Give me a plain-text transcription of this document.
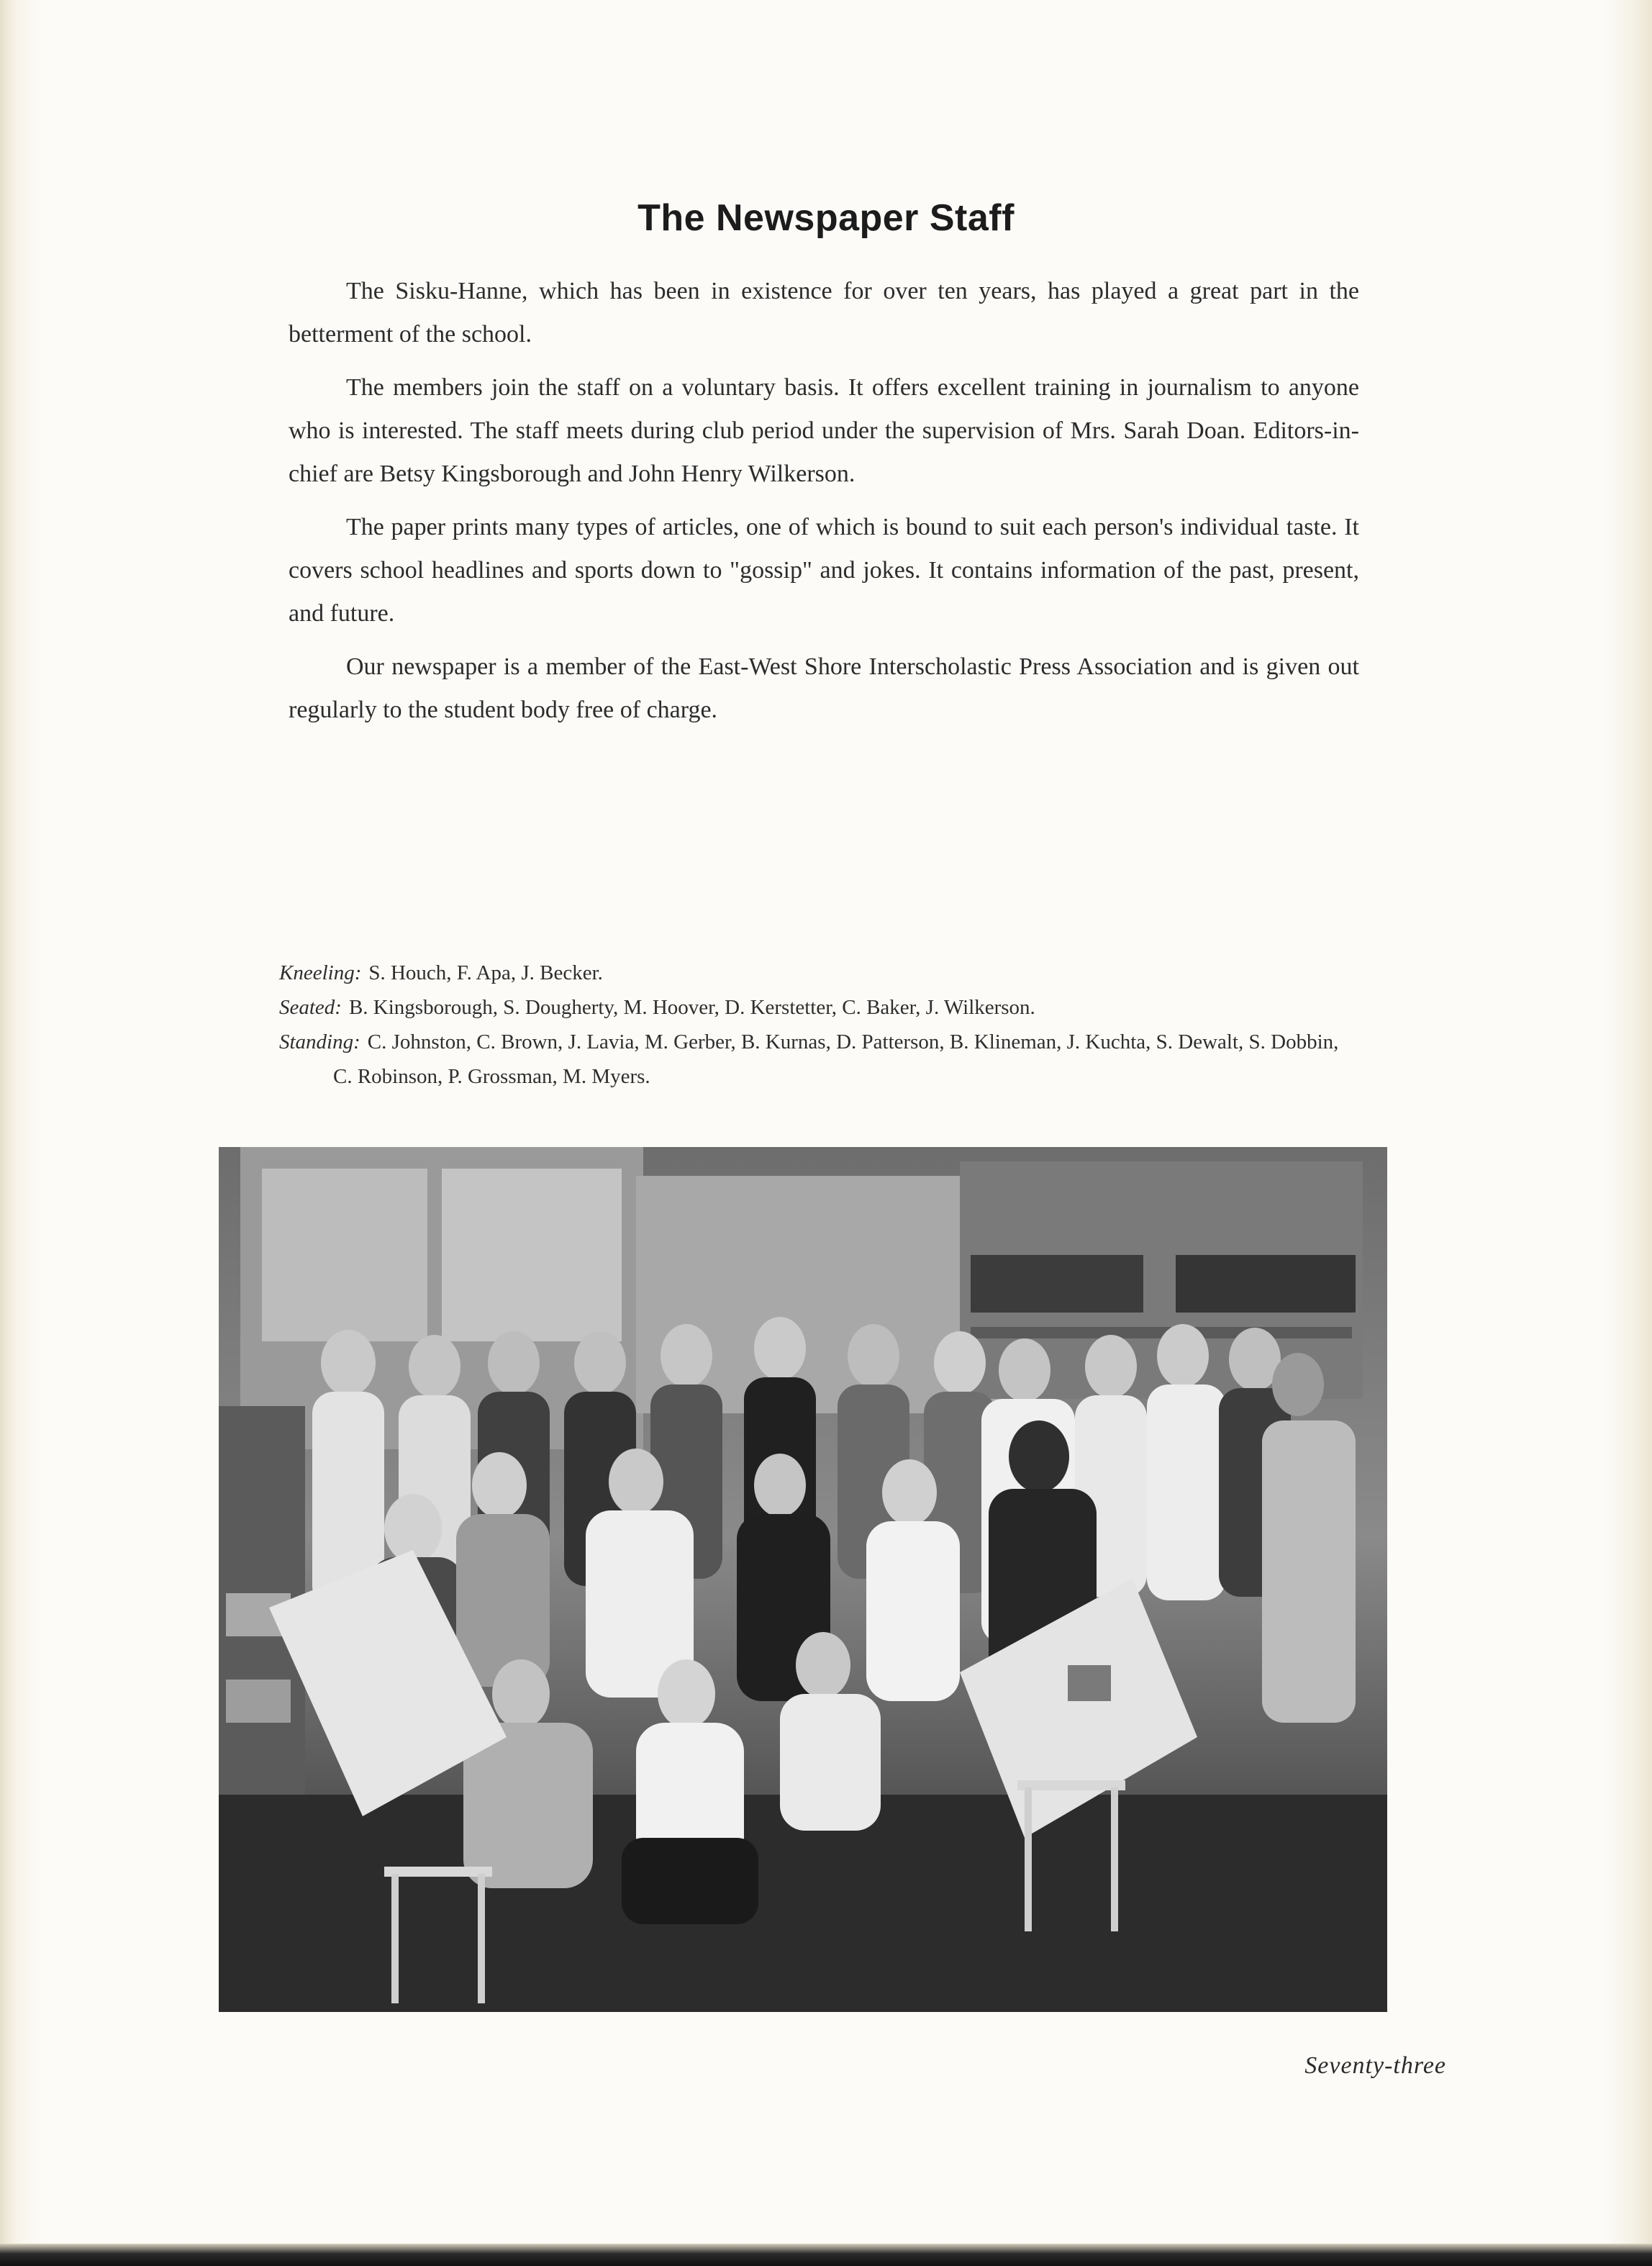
The Newspaper Staff

The Sisku-Hanne, which has been in existence for over ten years, has played a great part in the betterment of the school.

The members join the staff on a voluntary basis. It offers excellent training in journalism to anyone who is interested. The staff meets during club period under the supervision of Mrs. Sarah Doan. Editors-in-chief are Betsy Kingsborough and John Henry Wilkerson.

The paper prints many types of articles, one of which is bound to suit each person's individual taste. It covers school headlines and sports down to "gossip" and jokes. It contains information of the past, present, and future.

Our newspaper is a member of the East-West Shore Interscholastic Press Association and is given out regularly to the student body free of charge.

Kneeling: S. Houch, F. Apa, J. Becker.

Seated: B. Kingsborough, S. Dougherty, M. Hoover, D. Kerstetter, C. Baker, J. Wilkerson.

Standing: C. Johnston, C. Brown, J. Lavia, M. Gerber, B. Kurnas, D. Patterson, B. Klineman, J. Kuchta, S. Dewalt, S. Dobbin, C. Robinson, P. Grossman, M. Myers.

Seventy-three
